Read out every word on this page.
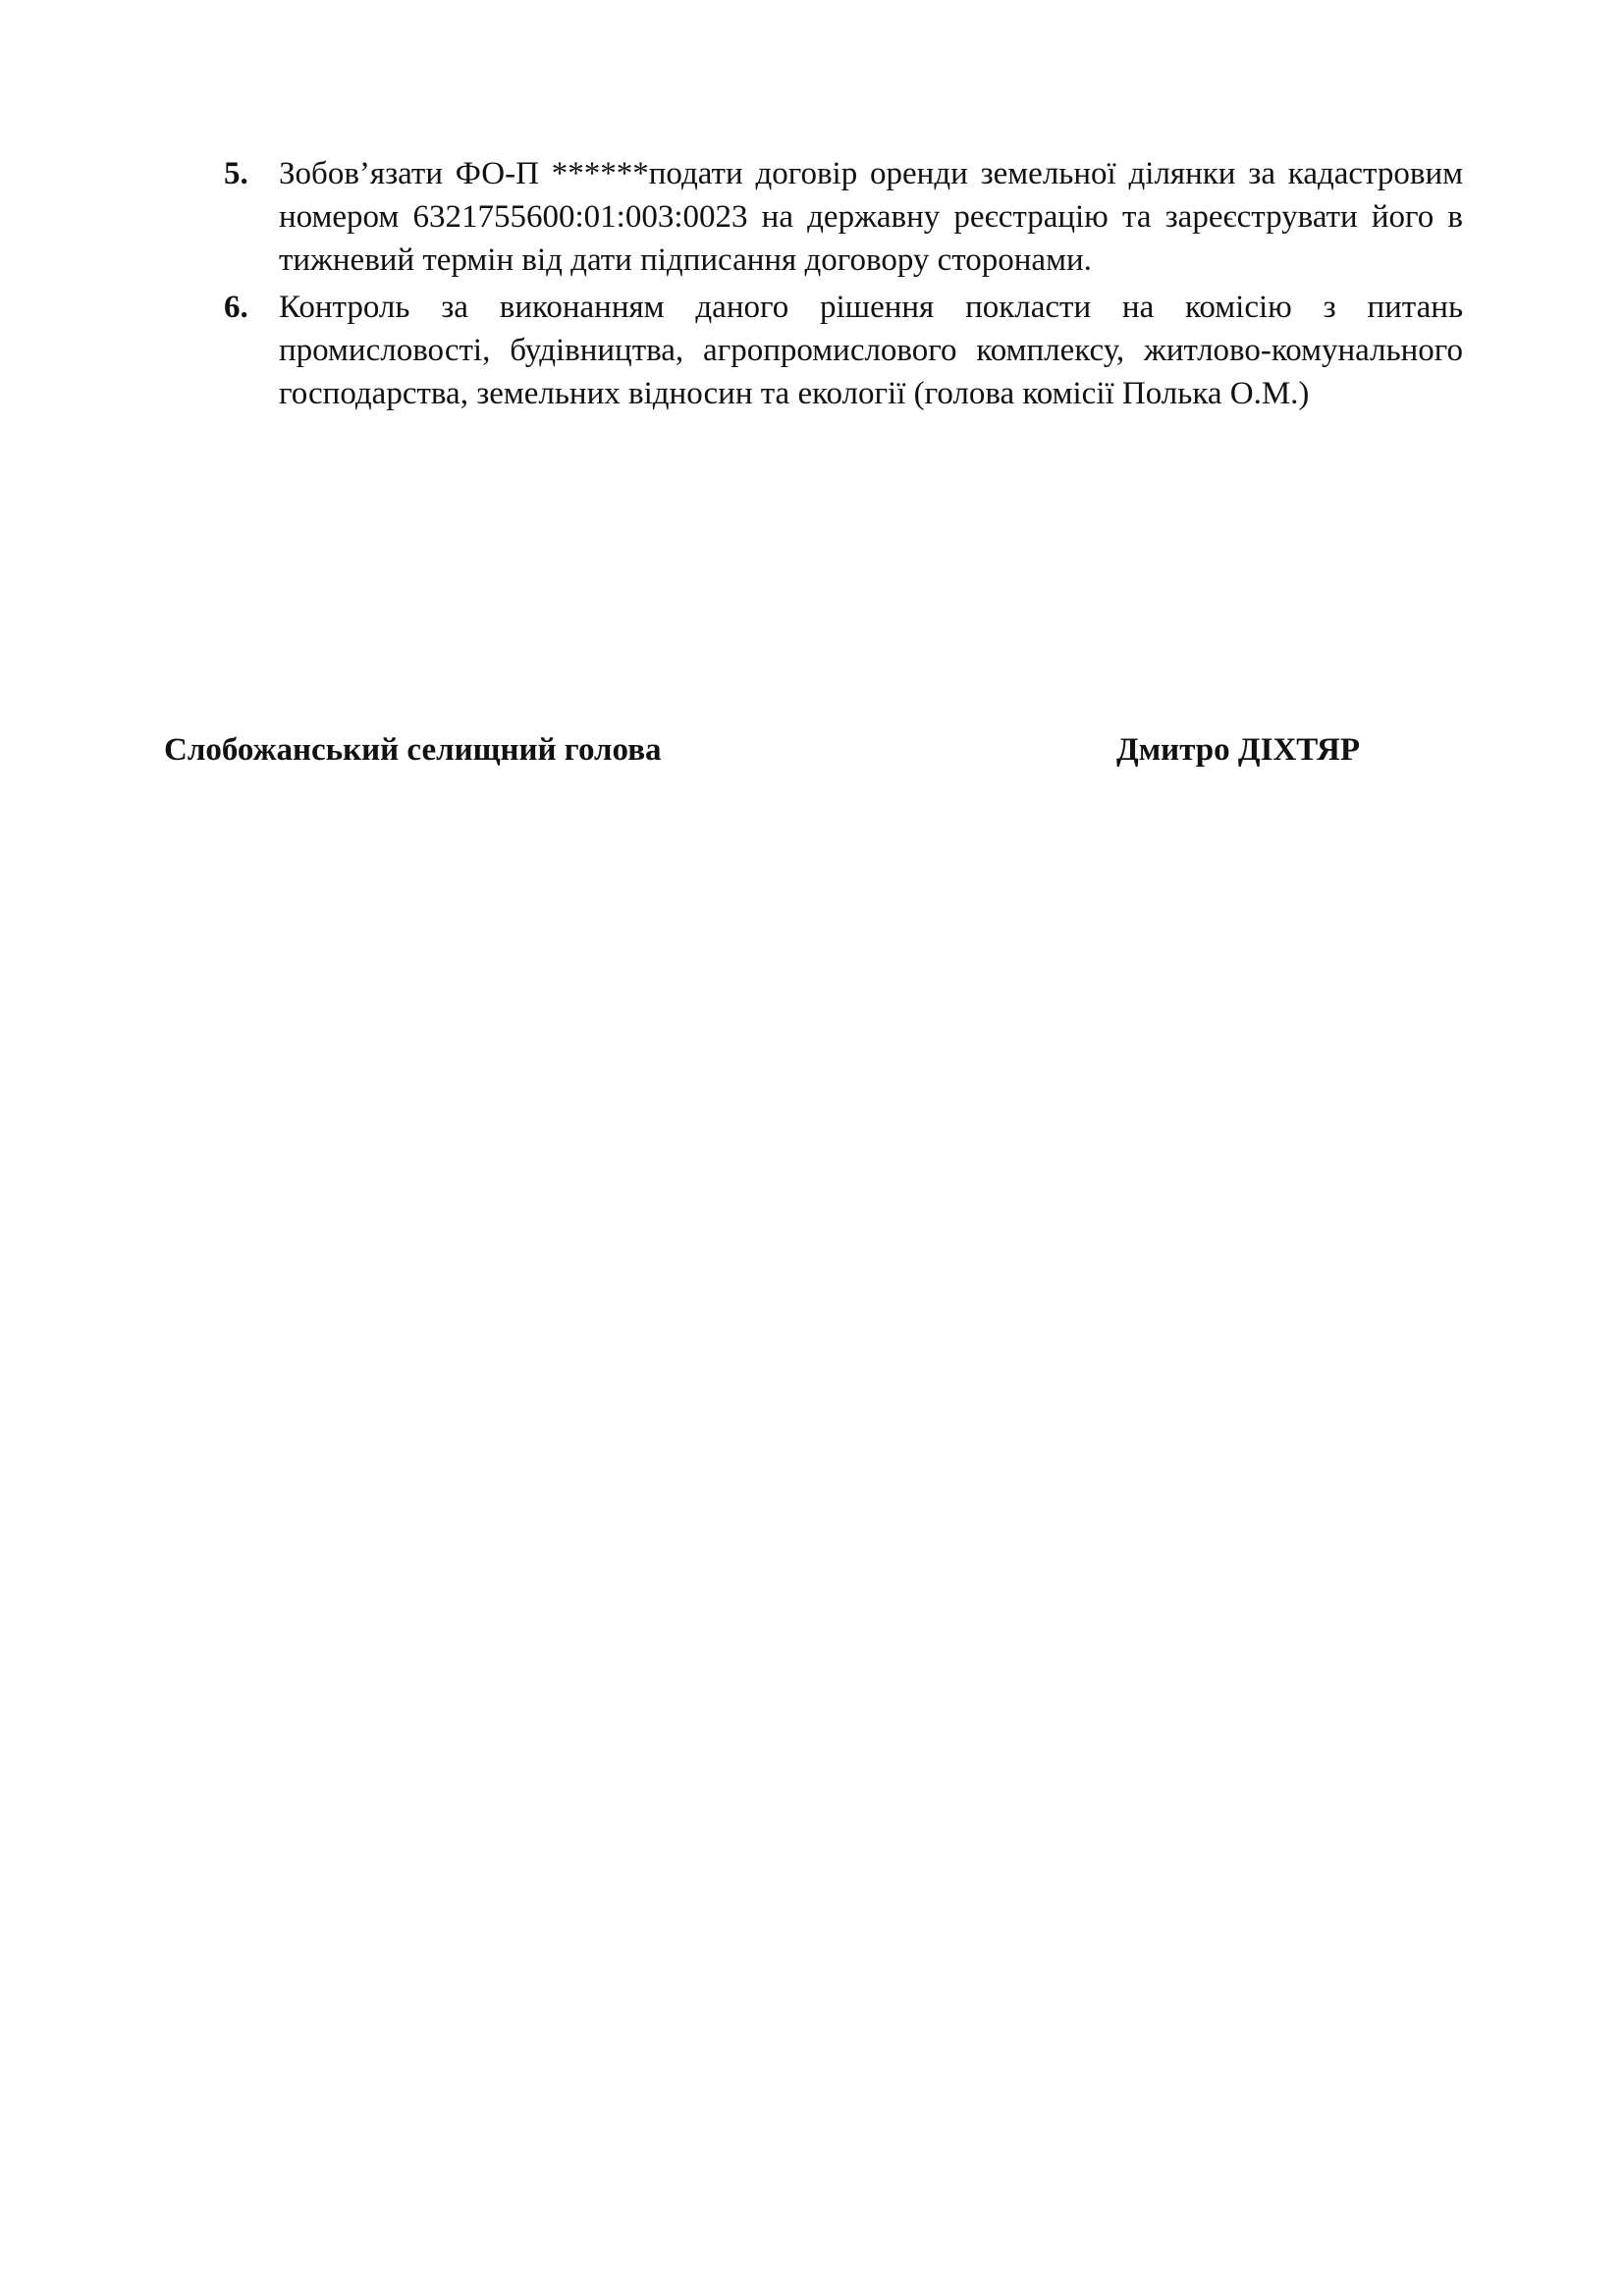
5. Зобов’язати ФО-П ******подати договір оренди земельної ділянки за кадастровим номером 6321755600:01:003:0023 на державну реєстрацію та зареєструвати його в тижневий термін від дати підписання договору сторонами.
6. Контроль за виконанням даного рішення покласти на комісію з питань промисловості, будівництва, агропромислового комплексу, житлово-комунального господарства, земельних відносин та екології (голова комісії Полька О.М.)
Слобожанський селищний голова	Дмитро ДІХТЯР
